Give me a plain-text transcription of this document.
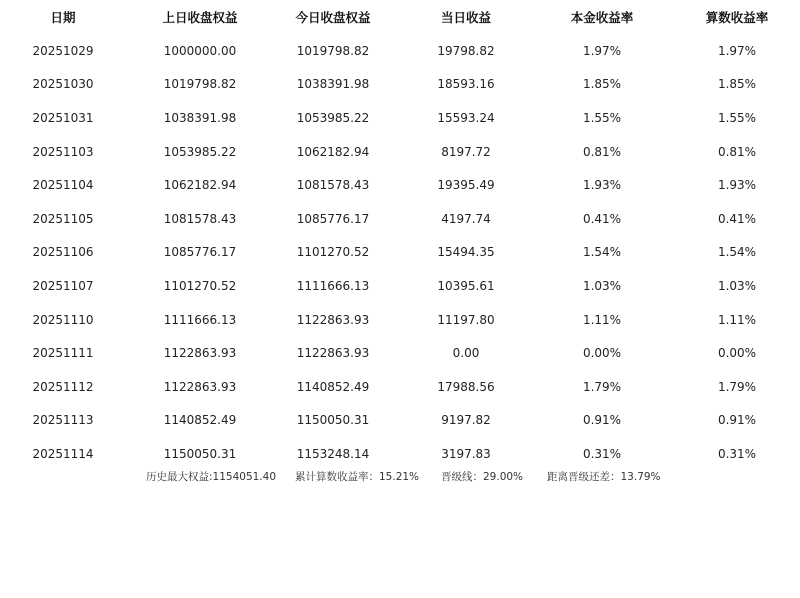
日期	上日收盘权益	今日收盘权益	当日收益	本金收益率	算数收益率
20251029	1000000.00	1019798.82	19798.82	1.97%	1.97%
20251030	1019798.82	1038391.98	18593.16	1.85%	1.85%
20251031	1038391.98	1053985.22	15593.24	1.55%	1.55%
20251103	1053985.22	1062182.94	8197.72	0.81%	0.81%
20251104	1062182.94	1081578.43	19395.49	1.93%	1.93%
20251105	1081578.43	1085776.17	4197.74	0.41%	0.41%
20251106	1085776.17	1101270.52	15494.35	1.54%	1.54%
20251107	1101270.52	1111666.13	10395.61	1.03%	1.03%
20251110	1111666.13	1122863.93	11197.80	1.11%	1.11%
20251111	1122863.93	1122863.93	0.00	0.00%	0.00%
20251112	1122863.93	1140852.49	17988.56	1.79%	1.79%
20251113	1140852.49	1150050.31	9197.82	0.91%	0.91%
20251114	1150050.31	1153248.14	3197.83	0.31%	0.31%
历史最大权益:1154051.40 累计算数收益率：15.21% 晋级线：29.00% 距离晋级还差：13.79%
